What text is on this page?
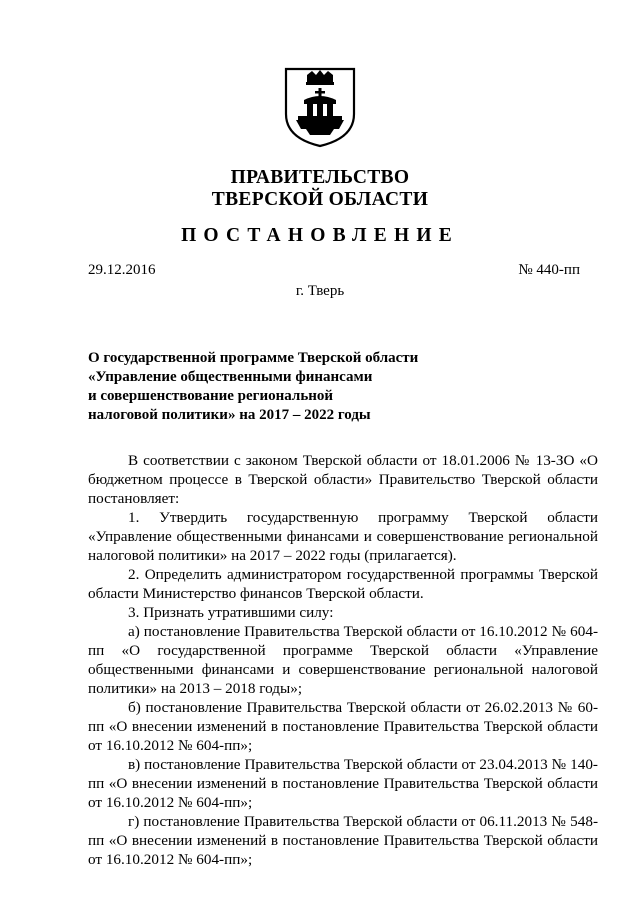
ПРАВИТЕЛЬСТВО
ТВЕРСКОЙ ОБЛАСТИ
ПОСТАНОВЛЕНИЕ
29.12.2016	№ 440-пп
г. Тверь
О государственной программе Тверской области
«Управление общественными финансами
и совершенствование региональной
налоговой политики» на 2017 – 2022 годы

В соответствии с законом Тверской области от 18.01.2006 № 13-ЗО «О бюджетном процессе в Тверской области» Правительство Тверской области постановляет:

1. Утвердить государственную программу Тверской области «Управление общественными финансами и совершенствование региональной налоговой политики» на 2017 – 2022 годы (прилагается).

2. Определить администратором государственной программы Тверской области Министерство финансов Тверской области.

3. Признать утратившими силу:

а) постановление Правительства Тверской области от 16.10.2012 № 604-пп «О государственной программе Тверской области «Управление общественными финансами и совершенствование региональной налоговой политики» на 2013 – 2018 годы»;

б) постановление Правительства Тверской области от 26.02.2013 № 60-пп «О внесении изменений в постановление Правительства Тверской области от 16.10.2012 № 604-пп»;

в) постановление Правительства Тверской области от 23.04.2013 № 140-пп «О внесении изменений в постановление Правительства Тверской области от 16.10.2012 № 604-пп»;

г) постановление Правительства Тверской области от 06.11.2013 № 548-пп «О внесении изменений в постановление Правительства Тверской области от 16.10.2012 № 604-пп»;
